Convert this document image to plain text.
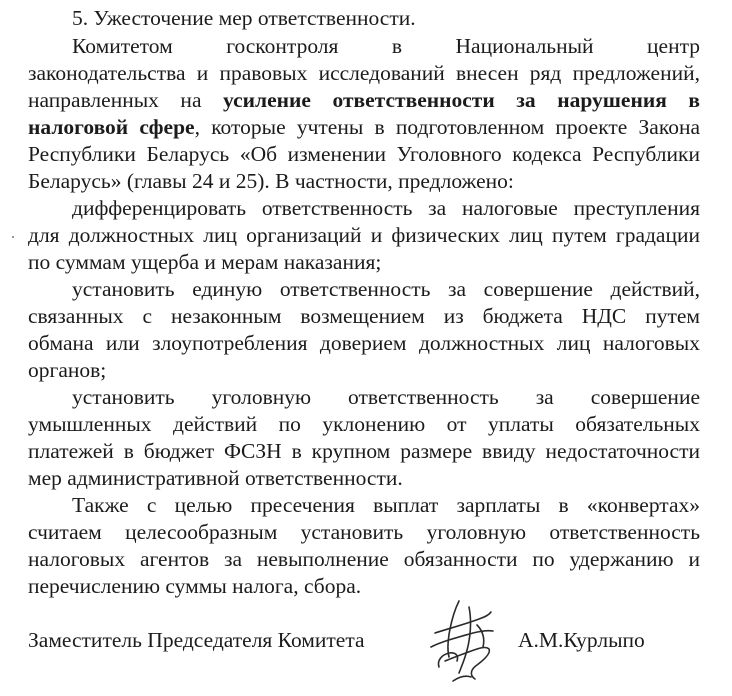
5. Ужесточение мер ответственности.
Комитетом госконтроля в Национальный центр
законодательства и правовых исследований внесен ряд предложений,
направленных на усиление ответственности за нарушения в
налоговой сфере, которые учтены в подготовленном проекте Закона
Республики Беларусь «Об изменении Уголовного кодекса Республики
Беларусь» (главы 24 и 25). В частности, предложено:
дифференцировать ответственность за налоговые преступления
для должностных лиц организаций и физических лиц путем градации
по суммам ущерба и мерам наказания;
установить единую ответственность за совершение действий,
связанных с незаконным возмещением из бюджета НДС путем
обмана или злоупотребления доверием должностных лиц налоговых
органов;
установить уголовную ответственность за совершение
умышленных действий по уклонению от уплаты обязательных
платежей в бюджет ФСЗН в крупном размере ввиду недостаточности
мер административной ответственности.
Также с целью пресечения выплат зарплаты в «конвертах»
считаем целесообразным установить уголовную ответственность
налоговых агентов за невыполнение обязанности по удержанию и
перечислению суммы налога, сбора.
Заместитель Председателя Комитета	А.М.Курлыпо
